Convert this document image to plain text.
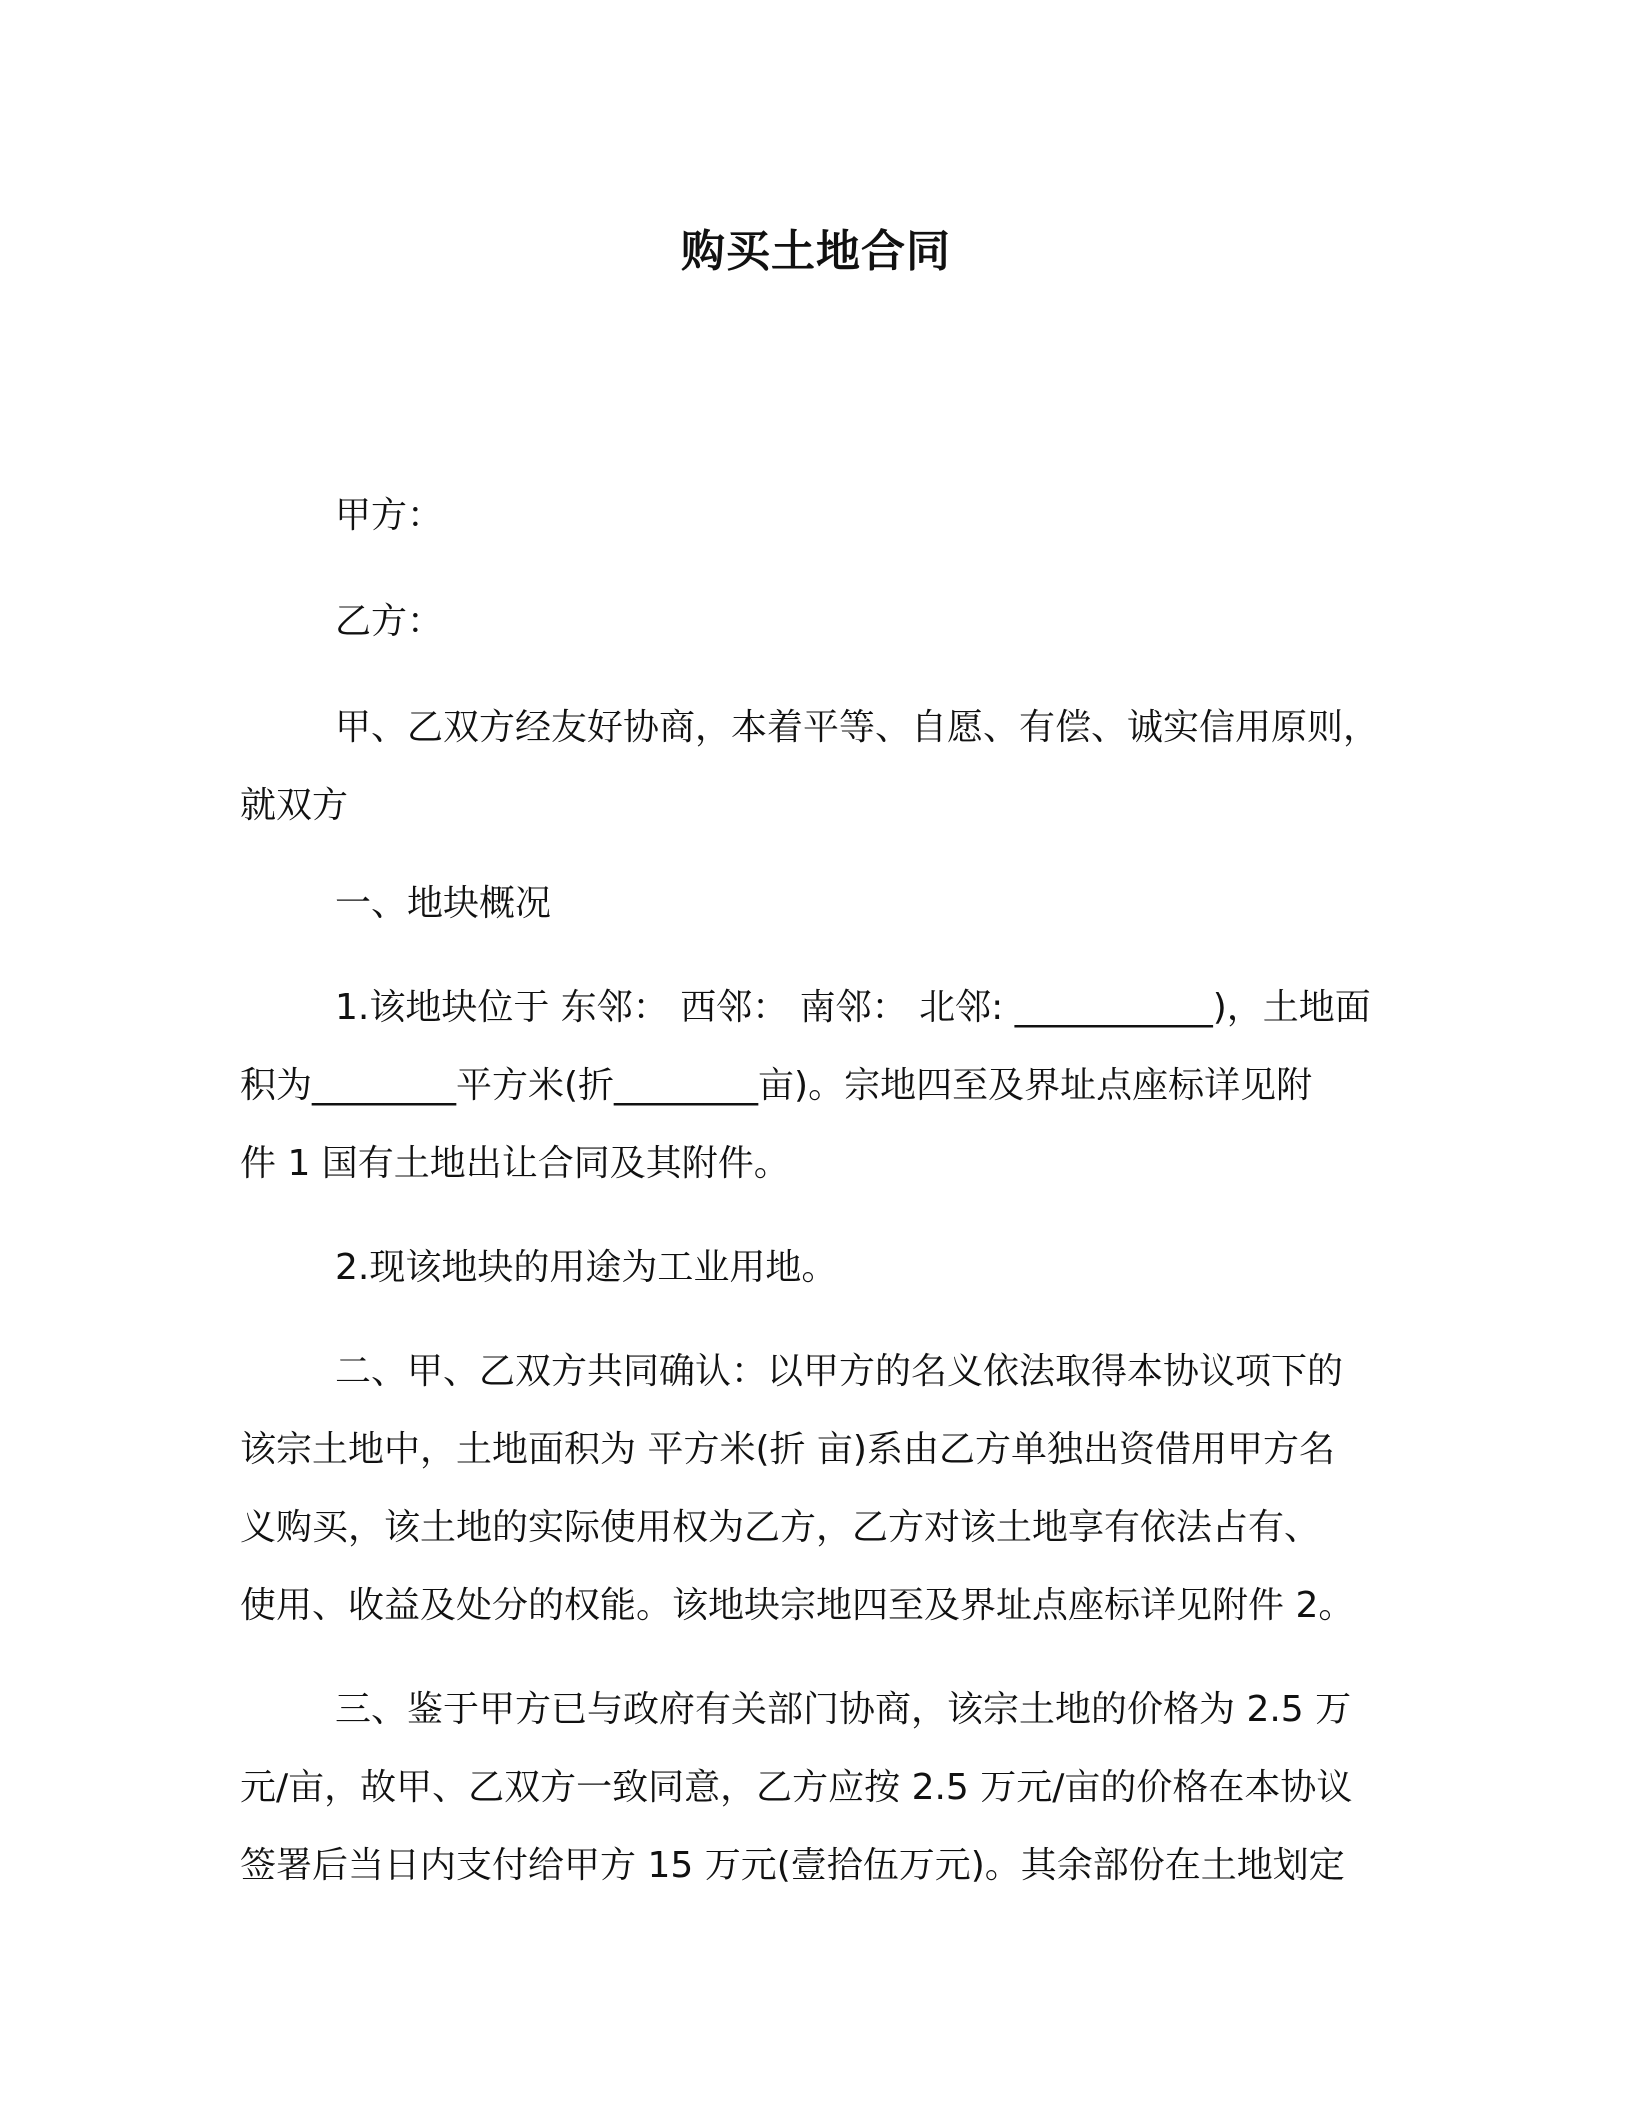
购买土地合同
甲方：
乙方：
甲、乙双方经友好协商，本着平等、自愿、有偿、诚实信用原则，
就双方
一、地块概况
1.该地块位于 东邻： 西邻： 南邻： 北邻: ___________)，土地面
积为________平方米(折________亩)。宗地四至及界址点座标详见附
件 1 国有土地出让合同及其附件。
2.现该地块的用途为工业用地。
二、甲、乙双方共同确认：以甲方的名义依法取得本协议项下的
该宗土地中，土地面积为 平方米(折 亩)系由乙方单独出资借用甲方名
义购买，该土地的实际使用权为乙方，乙方对该土地享有依法占有、
使用、收益及处分的权能。该地块宗地四至及界址点座标详见附件 2。
三、鉴于甲方已与政府有关部门协商，该宗土地的价格为 2.5 万
元/亩，故甲、乙双方一致同意，乙方应按 2.5 万元/亩的价格在本协议
签署后当日内支付给甲方 15 万元(壹拾伍万元)。其余部份在土地划定
